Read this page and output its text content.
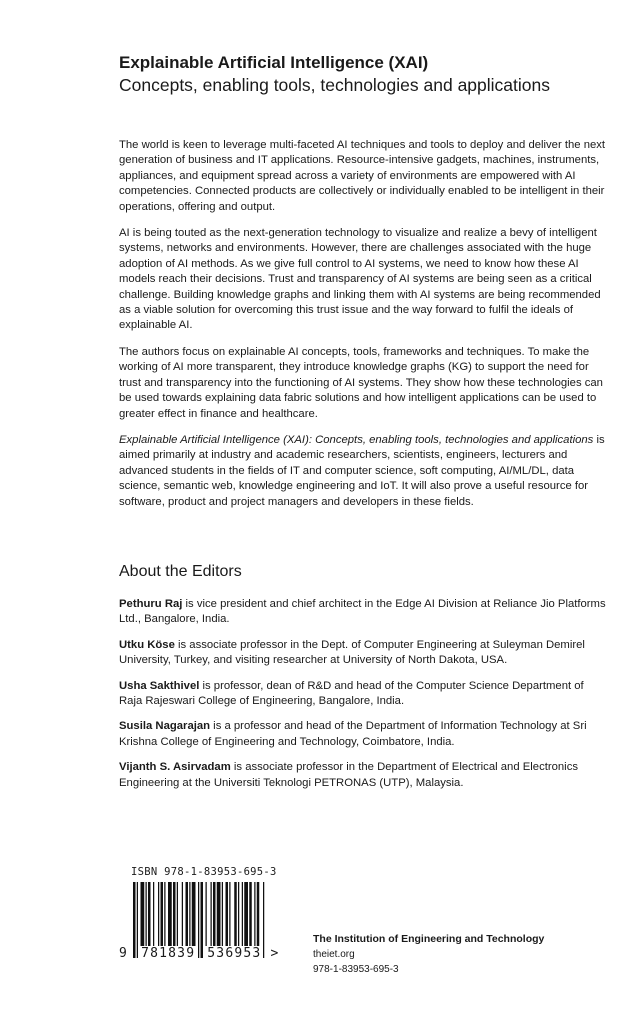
Explainable Artificial Intelligence (XAI)
Concepts, enabling tools, technologies and applications

The world is keen to leverage multi-faceted AI techniques and tools to deploy and deliver the next generation of business and IT applications. Resource-intensive gadgets, machines, instruments, appliances, and equipment spread across a variety of environments are empowered with AI competencies. Connected products are collectively or individually enabled to be intelligent in their operations, offering and output.

AI is being touted as the next-generation technology to visualize and realize a bevy of intelligent systems, networks and environments. However, there are challenges associated with the huge adoption of AI methods. As we give full control to AI systems, we need to know how these AI models reach their decisions. Trust and transparency of AI systems are being seen as a critical challenge. Building knowledge graphs and linking them with AI systems are being recommended as a viable solution for overcoming this trust issue and the way forward to fulfil the ideals of explainable AI.

The authors focus on explainable AI concepts, tools, frameworks and techniques. To make the working of AI more transparent, they introduce knowledge graphs (KG) to support the need for trust and transparency into the functioning of AI systems. They show how these technologies can be used towards explaining data fabric solutions and how intelligent applications can be used to greater effect in finance and healthcare.

Explainable Artificial Intelligence (XAI): Concepts, enabling tools, technologies and applications is aimed primarily at industry and academic researchers, scientists, engineers, lecturers and advanced students in the fields of IT and computer science, soft computing, AI/ML/DL, data science, semantic web, knowledge engineering and IoT. It will also prove a useful resource for software, product and project managers and developers in these fields.

About the Editors

Pethuru Raj is vice president and chief architect in the Edge AI Division at Reliance Jio Platforms Ltd., Bangalore, India.

Utku Köse is associate professor in the Dept. of Computer Engineering at Suleyman Demirel University, Turkey, and visiting researcher at University of North Dakota, USA.

Usha Sakthivel is professor, dean of R&D and head of the Computer Science Department of Raja Rajeswari College of Engineering, Bangalore, India.

Susila Nagarajan is a professor and head of the Department of Information Technology at Sri Krishna College of Engineering and Technology, Coimbatore, India.

Vijanth S. Asirvadam is associate professor in the Department of Electrical and Electronics Engineering at the Universiti Teknologi PETRONAS (UTP), Malaysia.

ISBN 978-1-83953-695-3
9 781839 536953 >
The Institution of Engineering and Technology
theiet.org
978-1-83953-695-3
